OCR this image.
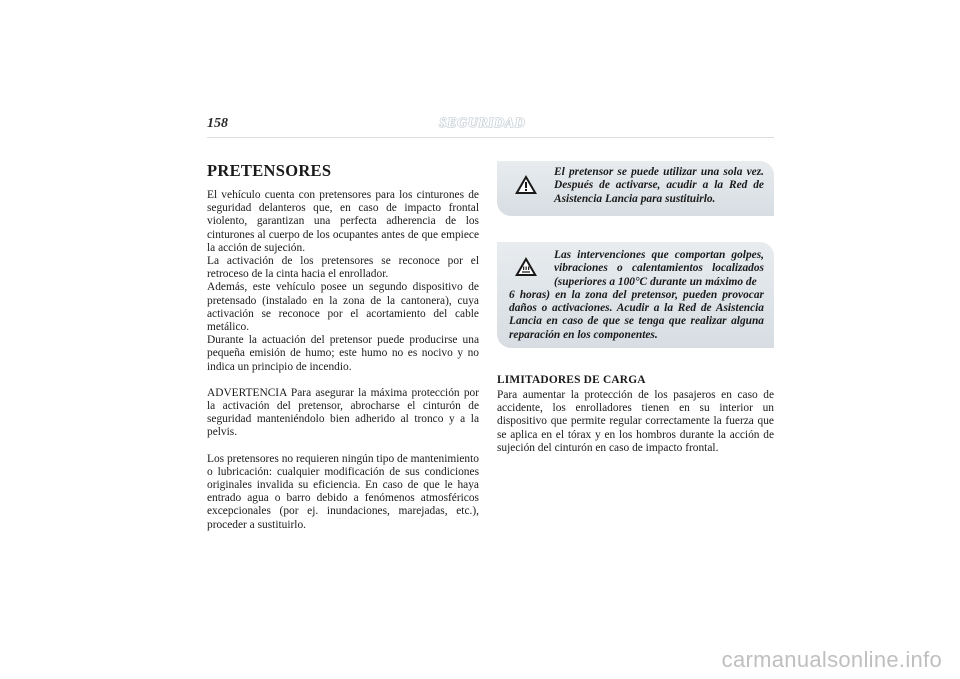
158	SEGURIDAD
PRETENSORES

El vehículo cuenta con pretensores para los cinturones de seguridad delanteros que, en caso de impacto frontal violento, garantizan una perfecta adherencia de los cinturones al cuerpo de los ocupantes antes de que empiece la acción de sujeción.

La activación de los pretensores se reconoce por el retroceso de la cinta hacia el enrollador.

Además, este vehículo posee un segundo dispositivo de pretensado (instalado en la zona de la cantonera), cuya activación se reconoce por el acortamiento del cable metálico.

Durante la actuación del pretensor puede producirse una pequeña emisión de humo; este humo no es nocivo y no indica un principio de incendio.

ADVERTENCIA Para asegurar la máxima protección por la activación del pretensor, abrocharse el cinturón de seguridad manteniéndolo bien adherido al tronco y a la pelvis.

Los pretensores no requieren ningún tipo de mantenimiento o lubricación: cualquier modificación de sus condiciones originales invalida su eficiencia. En caso de que le haya entrado agua o barro debido a fenómenos atmosféricos excepcionales (por ej. inundaciones, marejadas, etc.), proceder a sustituirlo.

El pretensor se puede utilizar una sola vez. Después de activarse, acudir a la Red de Asistencia Lancia para sustituirlo.

Las intervenciones que comportan golpes, vibraciones o calentamientos localizados (superiores a 100°C durante un máximo de

6 horas) en la zona del pretensor, pueden provocar daños o activaciones. Acudir a la Red de Asistencia Lancia en caso de que se tenga que realizar alguna reparación en los componentes.

LIMITADORES DE CARGA

Para aumentar la protección de los pasajeros en caso de accidente, los enrolladores tienen en su interior un dispositivo que permite regular correctamente la fuerza que se aplica en el tórax y en los hombros durante la acción de sujeción del cinturón en caso de impacto frontal.

carmanualsonline.info
